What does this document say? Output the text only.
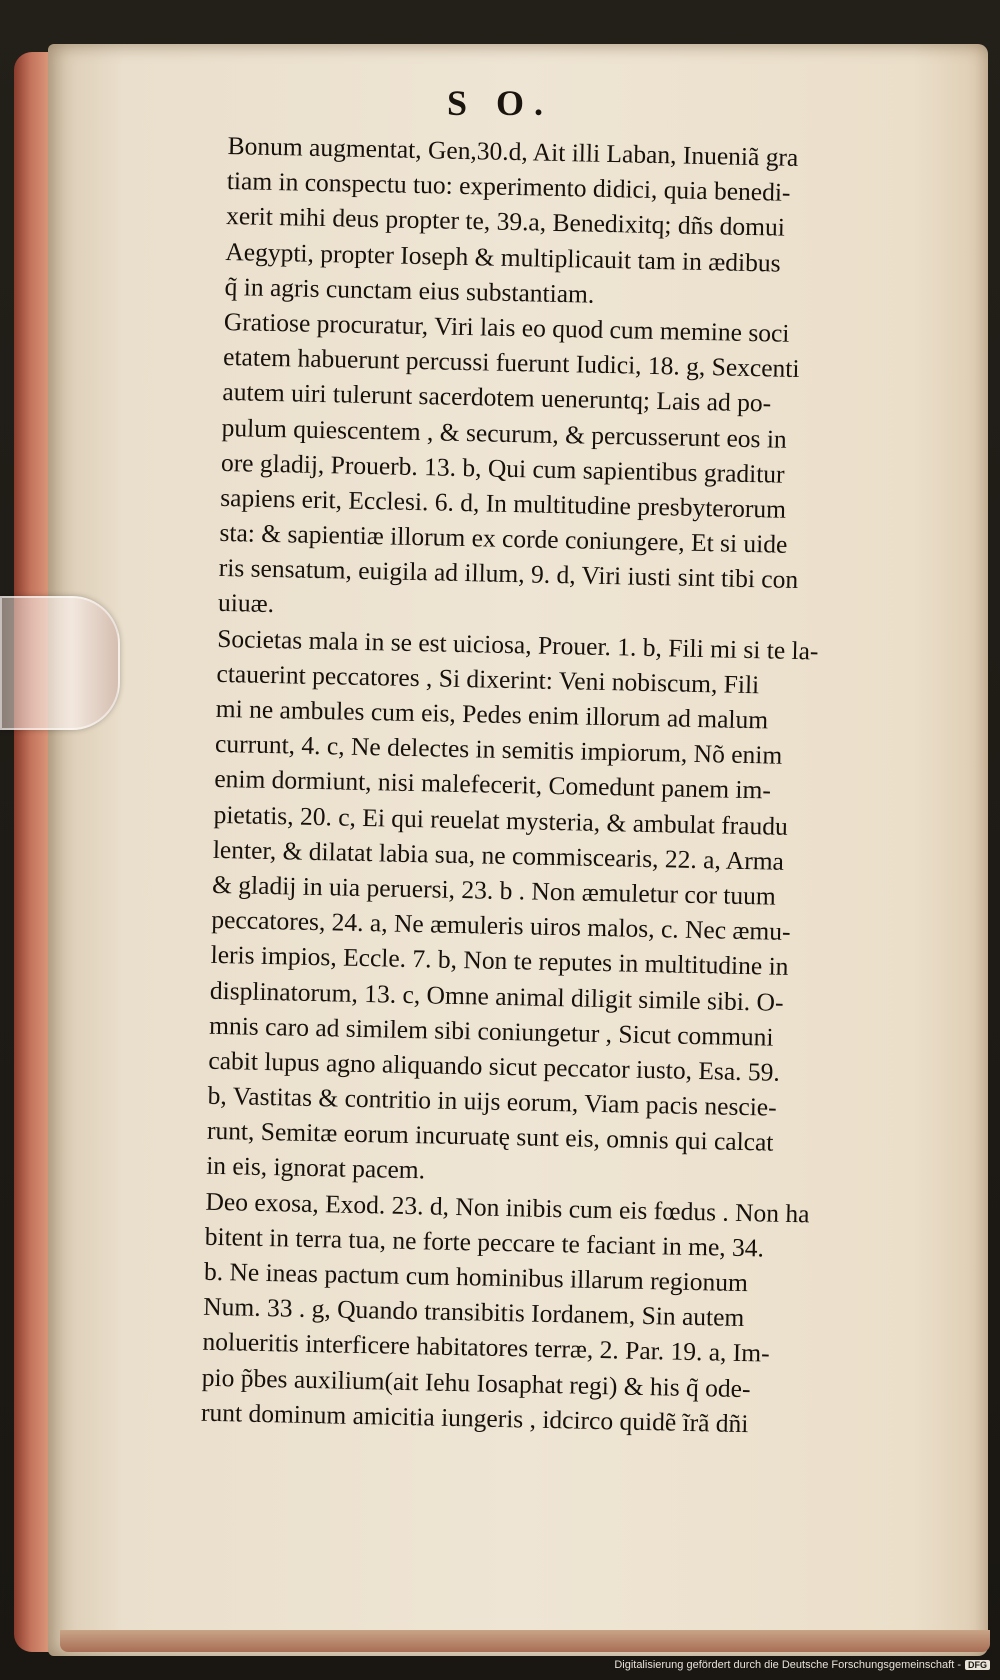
S O.
Bonum augmentat, Gen,30.d, Ait illi Laban, Inueniã gra
tiam in conspectu tuo: experimento didici, quia benedi-
xerit mihi deus propter te, 39.a, Benedixitq; dñs domui
Aegypti, propter Ioseph & multiplicauit tam in ædibus
q̃ in agris cunctam eius substantiam.
Gratiose procuratur, Viri lais eo quod cum memine soci
etatem habuerunt percussi fuerunt Iudici, 18. g, Sexcenti
autem uiri tulerunt sacerdotem ueneruntq; Lais ad po-
pulum quiescentem , & securum, & percusserunt eos in
ore gladij, Prouerb. 13. b, Qui cum sapientibus graditur
sapiens erit, Ecclesi. 6. d, In multitudine presbyterorum
sta: & sapientiæ illorum ex corde coniungere, Et si uide
ris sensatum, euigila ad illum, 9. d, Viri iusti sint tibi con
uiuæ.
Societas mala in se est uiciosa, Prouer. 1. b, Fili mi si te la-
ctauerint peccatores , Si dixerint: Veni nobiscum, Fili
mi ne ambules cum eis, Pedes enim illorum ad malum
currunt, 4. c, Ne delectes in semitis impiorum, Nõ enim
enim dormiunt, nisi malefecerit, Comedunt panem im-
pietatis, 20. c, Ei qui reuelat mysteria, & ambulat fraudu
lenter, & dilatat labia sua, ne commiscearis, 22. a, Arma
& gladij in uia peruersi, 23. b . Non æmuletur cor tuum
peccatores, 24. a, Ne æmuleris uiros malos, c. Nec æmu-
leris impios, Eccle. 7. b, Non te reputes in multitudine in
displinatorum, 13. c, Omne animal diligit simile sibi. O-
mnis caro ad similem sibi coniungetur , Sicut communi
cabit lupus agno aliquando sicut peccator iusto, Esa. 59.
b, Vastitas & contritio in uijs eorum, Viam pacis nescie-
runt, Semitæ eorum incuruatę sunt eis, omnis qui calcat
in eis, ignorat pacem.
Deo exosa, Exod. 23. d, Non inibis cum eis fœdus . Non ha
bitent in terra tua, ne forte peccare te faciant in me, 34.
b. Ne ineas pactum cum hominibus illarum regionum
Num. 33 . g, Quando transibitis Iordanem, Sin autem
nolueritis interficere habitatores terræ, 2. Par. 19. a, Im-
pio p̃bes auxilium(ait Iehu Iosaphat regi) & his q̃ ode-
runt dominum amicitia iungeris , idcirco quidẽ ĩrã dñi
Digitalisierung gefördert durch die Deutsche Forschungsgemeinschaft - DFG
